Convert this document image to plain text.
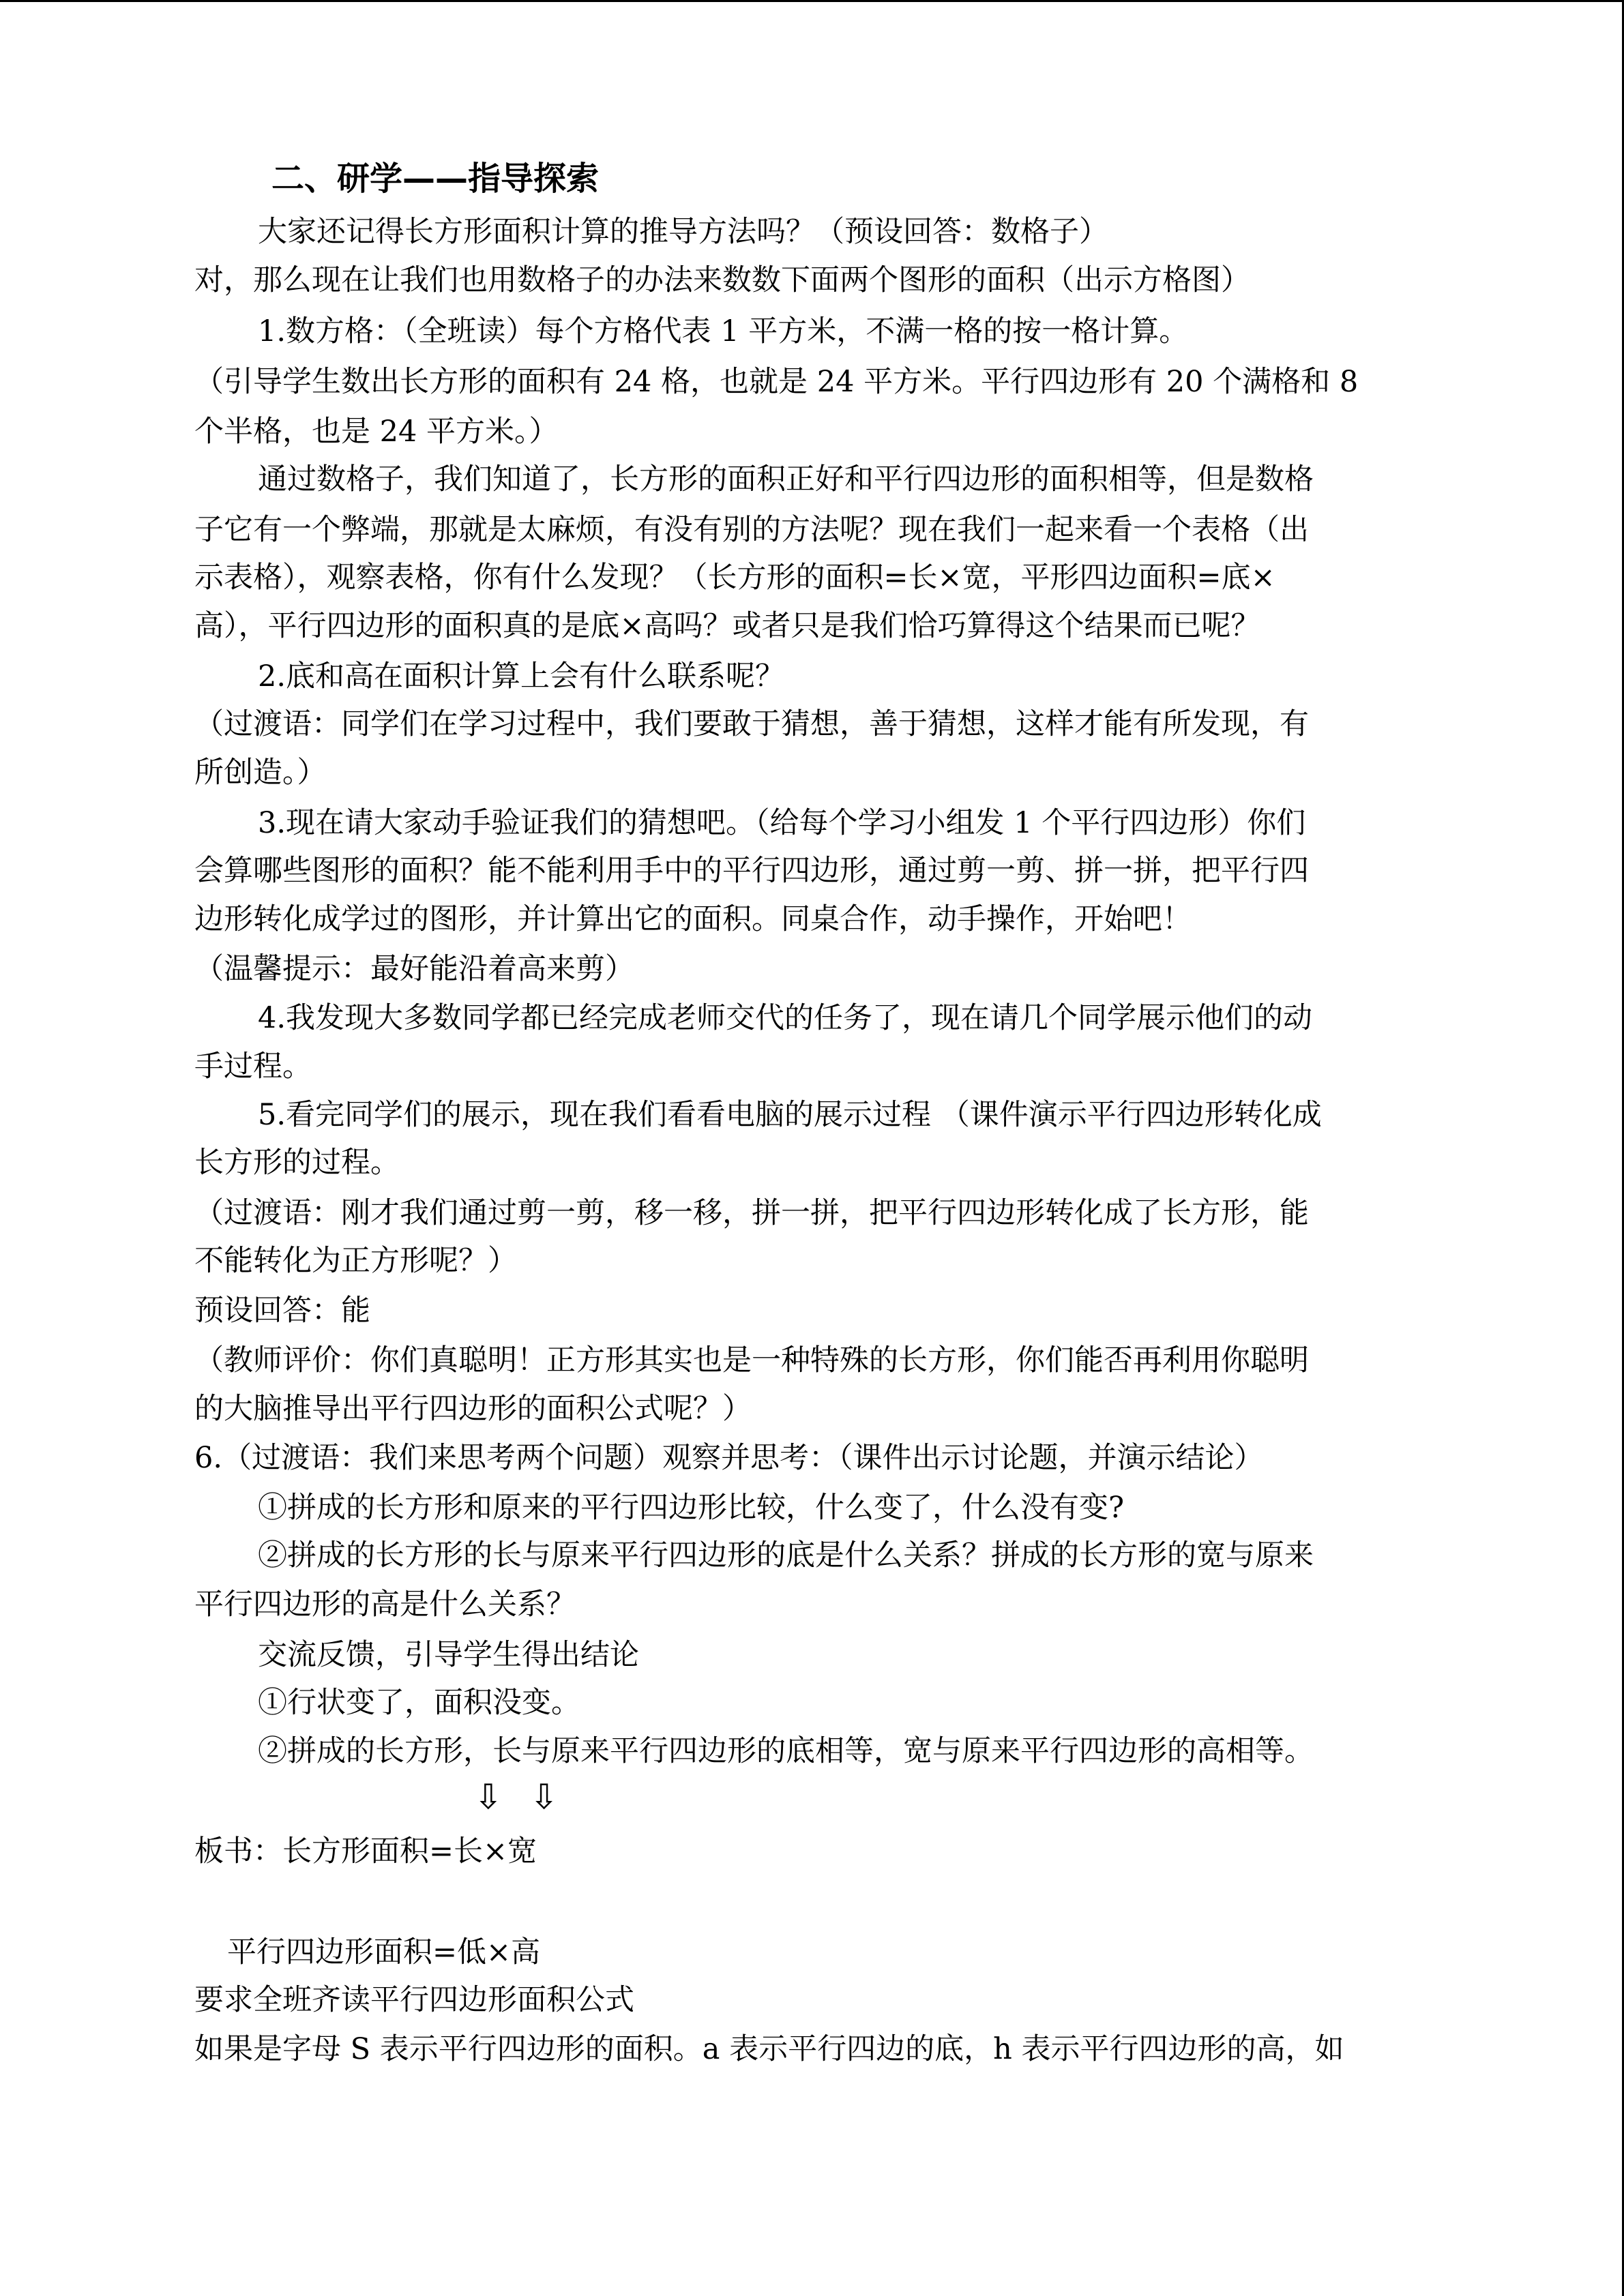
二、研学——指导探索
大家还记得长方形面积计算的推导方法吗？（预设回答：数格子）
对，那么现在让我们也用数格子的办法来数数下面两个图形的面积（出示方格图）
1.数方格：（全班读）每个方格代表 1 平方米，不满一格的按一格计算。
（引导学生数出长方形的面积有 24 格，也就是 24 平方米。平行四边形有 20 个满格和 8
个半格，也是 24 平方米。）
通过数格子，我们知道了，长方形的面积正好和平行四边形的面积相等，但是数格
子它有一个弊端，那就是太麻烦，有没有别的方法呢？现在我们一起来看一个表格（出
示表格），观察表格，你有什么发现？（长方形的面积=长×宽，平形四边面积=底×
高），平行四边形的面积真的是底×高吗？或者只是我们恰巧算得这个结果而已呢？
2.底和高在面积计算上会有什么联系呢？
（过渡语：同学们在学习过程中，我们要敢于猜想，善于猜想，这样才能有所发现，有
所创造。）
3.现在请大家动手验证我们的猜想吧。（给每个学习小组发 1 个平行四边形）你们
会算哪些图形的面积？能不能利用手中的平行四边形，通过剪一剪、拼一拼，把平行四
边形转化成学过的图形，并计算出它的面积。同桌合作，动手操作，开始吧！
（温馨提示：最好能沿着高来剪）
4.我发现大多数同学都已经完成老师交代的任务了，现在请几个同学展示他们的动
手过程。
5.看完同学们的展示，现在我们看看电脑的展示过程 （课件演示平行四边形转化成
长方形的过程。
（过渡语：刚才我们通过剪一剪，移一移，拼一拼，把平行四边形转化成了长方形，能
不能转化为正方形呢？）
预设回答：能
（教师评价：你们真聪明！正方形其实也是一种特殊的长方形，你们能否再利用你聪明
的大脑推导出平行四边形的面积公式呢？）
6.（过渡语：我们来思考两个问题）观察并思考：（课件出示讨论题，并演示结论）
①拼成的长方形和原来的平行四边形比较，什么变了，什么没有变?
②拼成的长方形的长与原来平行四边形的底是什么关系？拼成的长方形的宽与原来
平行四边形的高是什么关系？
交流反馈，引导学生得出结论
①行状变了，面积没变。
②拼成的长方形，长与原来平行四边形的底相等，宽与原来平行四边形的高相等。
⇩ ⇩
板书：长方形面积=长×宽
平行四边形面积=低×高
要求全班齐读平行四边形面积公式
如果是字母 S 表示平行四边形的面积。a 表示平行四边的底，h 表示平行四边形的高，如
